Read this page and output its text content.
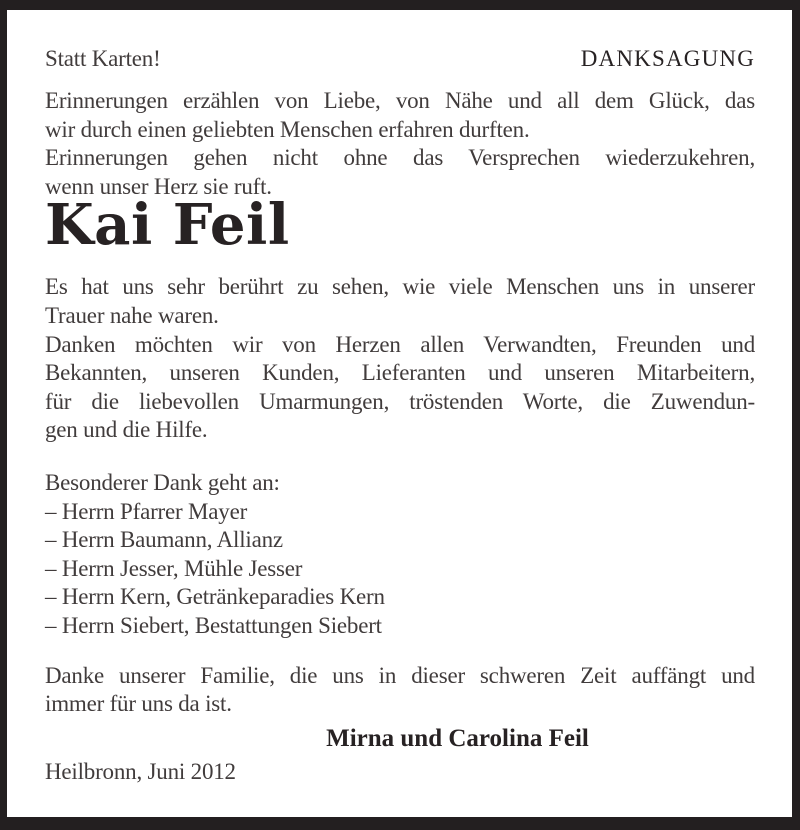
Statt Karten!	DANKSAGUNG
Erinnerungen erzählen von Liebe, von Nähe und all dem Glück, das
wir durch einen geliebten Menschen erfahren durften.
Erinnerungen gehen nicht ohne das Versprechen wiederzukehren,
wenn unser Herz sie ruft.
Kai Feil
Es hat uns sehr berührt zu sehen, wie viele Menschen uns in unserer
Trauer nahe waren.
Danken möchten wir von Herzen allen Verwandten, Freunden und
Bekannten, unseren Kunden, Lieferanten und unseren Mitarbeitern,
für die liebevollen Umarmungen, tröstenden Worte, die Zuwendun-
gen und die Hilfe.
Besonderer Dank geht an:
– Herrn Pfarrer Mayer
– Herrn Baumann, Allianz
– Herrn Jesser, Mühle Jesser
– Herrn Kern, Getränkeparadies Kern
– Herrn Siebert, Bestattungen Siebert
Danke unserer Familie, die uns in dieser schweren Zeit auffängt und
immer für uns da ist.
Mirna und Carolina Feil
Heilbronn, Juni 2012
